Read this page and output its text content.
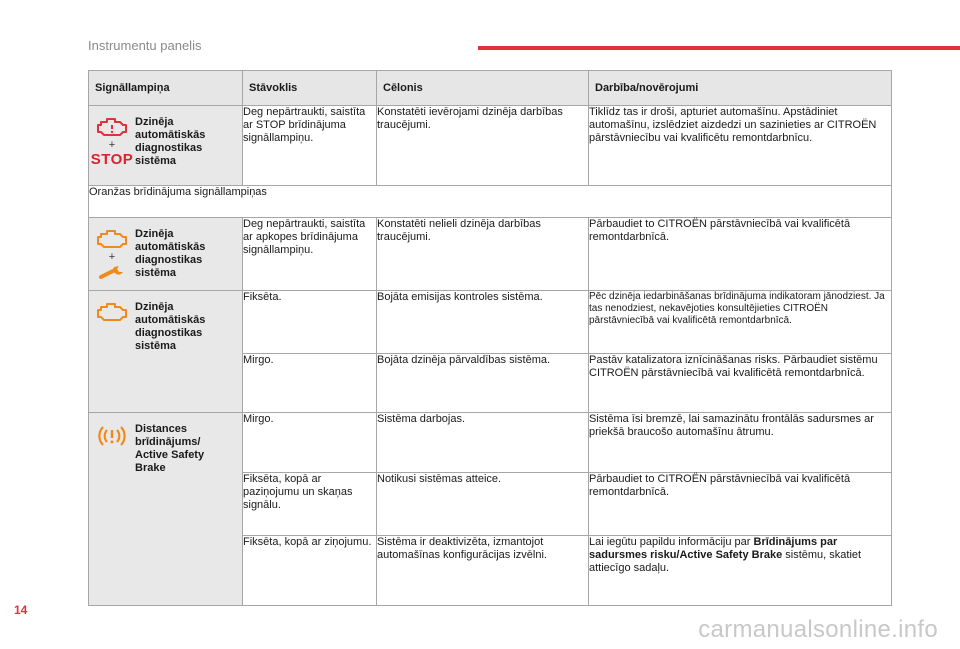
Instrumentu panelis
Signāllampiņa	Stāvoklis	Cēlonis	Darbība/novērojumi

+
STOP
Dzinēja automātiskās diagnostikas sistēma	Deg nepārtraukti, saistīta ar STOP brīdinājuma signāllampiņu.	Konstatēti ievērojami dzinēja darbības traucējumi.	Tiklīdz tas ir droši, apturiet automašīnu. Apstādiniet automašīnu, izslēdziet aizdedzi un sazinieties ar CITROËN pārstāvniecību vai kvalificētu remontdarbnīcu.
Oranžas brīdinājuma signāllampiņas			

+
Dzinēja automātiskās diagnostikas sistēma	Deg nepārtraukti, saistīta ar apkopes brīdinājuma signāllampiņu.	Konstatēti nelieli dzinēja darbības traucējumi.	Pārbaudiet to CITROËN pārstāvniecībā vai kvalificētā remontdarbnīcā.

Dzinēja automātiskās diagnostikas sistēma	Fiksēta.	Bojāta emisijas kontroles sistēma.	Pēc dzinēja iedarbināšanas brīdinājuma indikatoram jānodziest. Ja tas nenodziest, nekavējoties konsultējieties CITROËN pārstāvniecībā vai kvalificētā remontdarbnīcā.
	Mirgo.	Bojāta dzinēja pārvaldības sistēma.	Pastāv katalizatora iznīcināšanas risks. Pārbaudiet sistēmu CITROËN pārstāvniecībā vai kvalificētā remontdarbnīcā.

Distances brīdinājums/ Active Safety Brake	Mirgo.	Sistēma darbojas.	Sistēma īsi bremzē, lai samazinātu frontālās sadursmes ar priekšā braucošo automašīnu ātrumu.
	Fiksēta, kopā ar paziņojumu un skaņas signālu.	Notikusi sistēmas atteice.	Pārbaudiet to CITROËN pārstāvniecībā vai kvalificētā remontdarbnīcā.
	Fiksēta, kopā ar ziņojumu.	Sistēma ir deaktivizēta, izmantojot automašīnas konfigurācijas izvēlni.	Lai iegūtu papildu informāciju par Brīdinājums par sadursmes risku/Active Safety Brake sistēmu, skatiet attiecīgo sadaļu.
14
carmanualsonline.info
